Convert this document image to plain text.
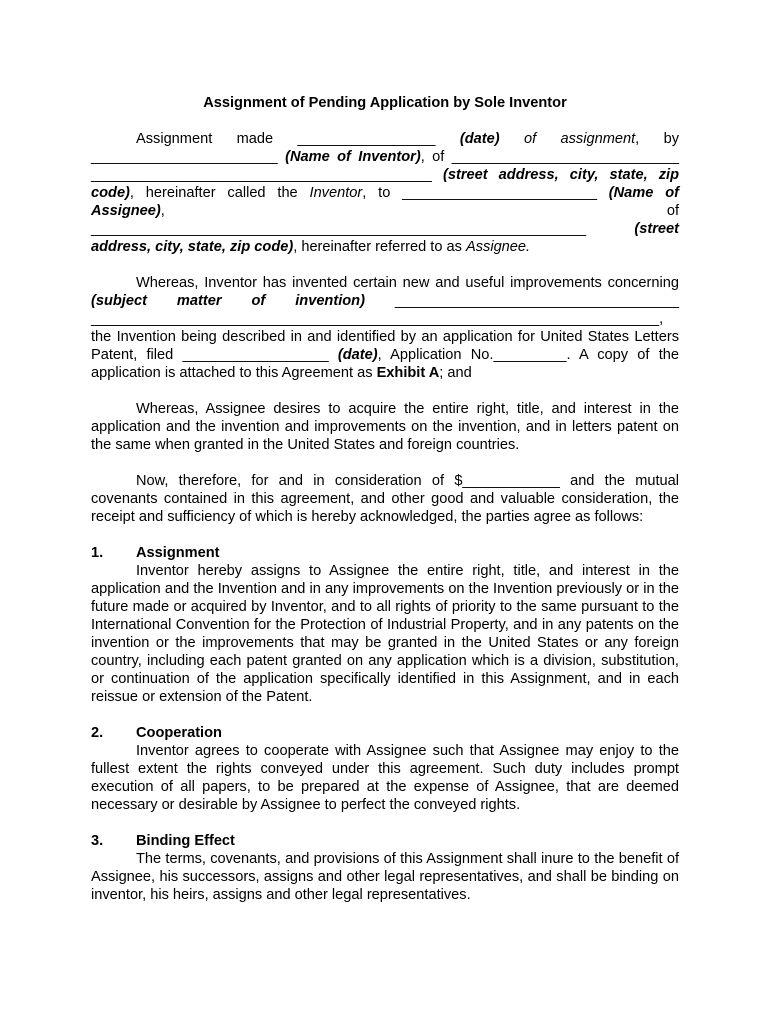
Assignment of Pending Application by Sole Inventor

Assignment made _________________ (date) of assignment, by _______________________ (Name of Inventor), of ____________________________ __________________________________________ (street address, city, state, zip code), hereinafter called the Inventor, to ________________________ (Name of Assignee), of _____________________________________________________________ (street address, city, state, zip code), hereinafter referred to as Assignee.

Whereas, Inventor has invented certain new and useful improvements concerning (subject matter of invention) ___________________________________ ______________________________________________________________________, the Invention being described in and identified by an application for United States Letters Patent, filed __________________ (date), Application No._________. A copy of the application is attached to this Agreement as Exhibit A; and

Whereas, Assignee desires to acquire the entire right, title, and interest in the application and the invention and improvements on the invention, and in letters patent on the same when granted in the United States and foreign countries.

Now, therefore, for and in consideration of $____________ and the mutual covenants contained in this agreement, and other good and valuable consideration, the receipt and sufficiency of which is hereby acknowledged, the parties agree as follows:

1.	Assignment
Inventor hereby assigns to Assignee the entire right, title, and interest in the application and the Invention and in any improvements on the Invention previously or in the future made or acquired by Inventor, and to all rights of priority to the same pursuant to the International Convention for the Protection of Industrial Property, and in any patents on the invention or the improvements that may be granted in the United States or any foreign country, including each patent granted on any application which is a division, substitution, or continuation of the application specifically identified in this Assignment, and in each reissue or extension of the Patent.
2.	Cooperation
Inventor agrees to cooperate with Assignee such that Assignee may enjoy to the fullest extent the rights conveyed under this agreement. Such duty includes prompt execution of all papers, to be prepared at the expense of Assignee, that are deemed necessary or desirable by Assignee to perfect the conveyed rights.
3.	Binding Effect
The terms, covenants, and provisions of this Assignment shall inure to the benefit of Assignee, his successors, assigns and other legal representatives, and shall be binding on inventor, his heirs, assigns and other legal representatives.
